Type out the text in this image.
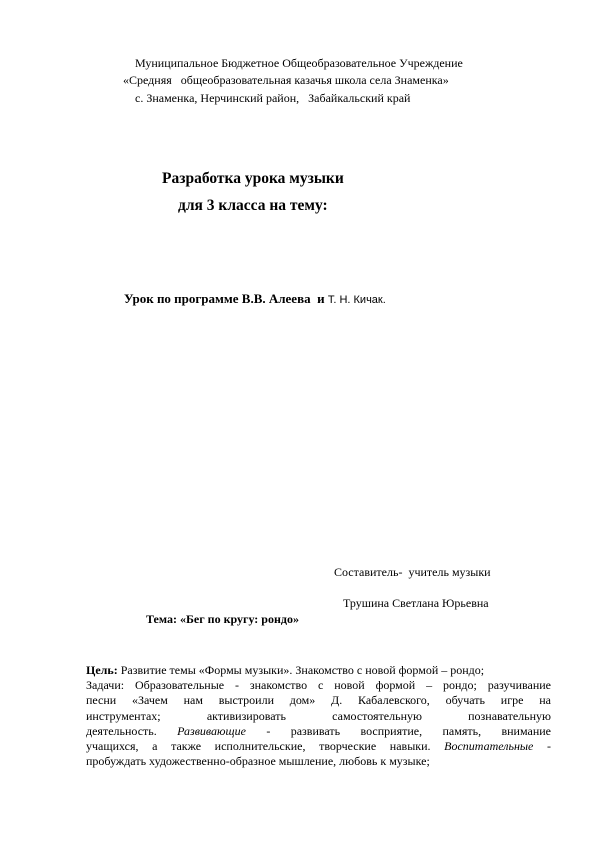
Муниципальное Бюджетное Общеобразовательное Учреждение
«Средняя   общеобразовательная казачья школа села Знаменка»
с. Знаменка, Нерчинский район,   Забайкальский край
Разработка урока музыки
для 3 класса на тему:
Урок по программе В.В. Алеева  и Т. Н. Кичак.
Составитель-  учитель музыки
Трушина Светлана Юрьевна
Тема: «Бег по кругу: рондо»
Цель: Развитие темы «Формы музыки». Знакомство с новой формой – рондо;
Задачи: Образовательные - знакомство с новой формой – рондо; разучивание
песни «Зачем нам выстроили дом» Д. Кабалевского, обучать игре на
инструментах; активизировать самостоятельную познавательную
деятельность. Развивающие - развивать восприятие, память, внимание
учащихся, а также исполнительские, творческие навыки. Воспитательные -
пробуждать художественно-образное мышление, любовь к музыке;
